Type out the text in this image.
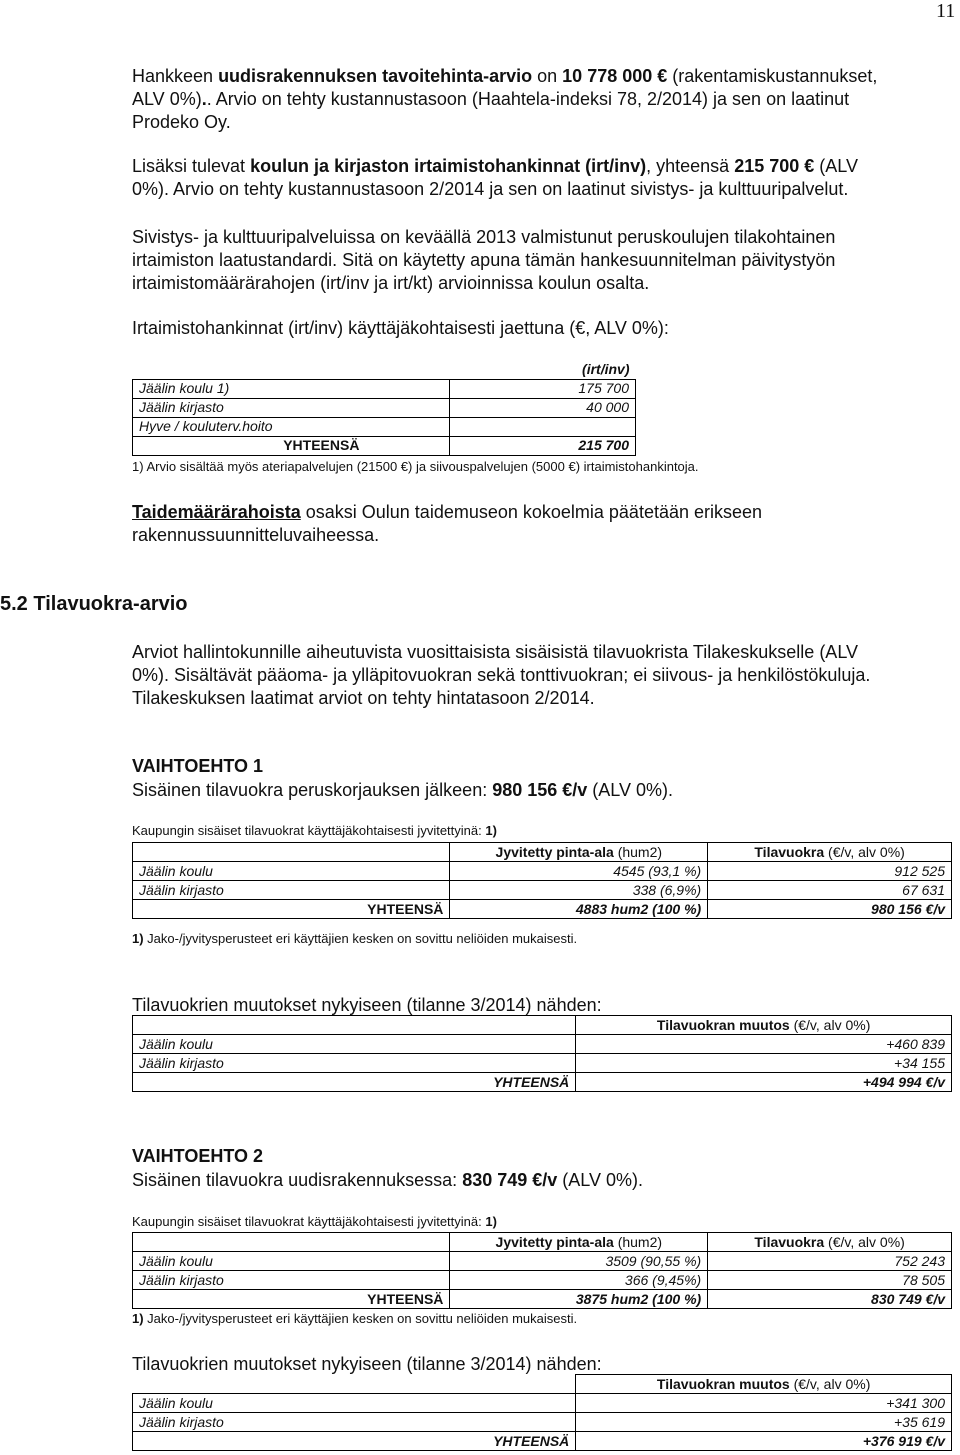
11
Hankkeen uudisrakennuksen tavoitehinta-arvio on 10 778 000 € (rakentamiskustannukset,
ALV 0%).. Arvio on tehty kustannustasoon (Haahtela-indeksi 78, 2/2014) ja sen on laatinut
Prodeko Oy.
Lisäksi tulevat koulun ja kirjaston irtaimistohankinnat (irt/inv), yhteensä 215 700 € (ALV
0%). Arvio on tehty kustannustasoon 2/2014 ja sen on laatinut sivistys- ja kulttuuripalvelut.
Sivistys- ja kulttuuripalveluissa on keväällä 2013 valmistunut peruskoulujen tilakohtainen
irtaimiston laatustandardi. Sitä on käytetty apuna tämän hankesuunnitelman päivitystyön
irtaimistomäärärahojen (irt/inv ja irt/kt) arvioinnissa koulun osalta.
Irtaimistohankinnat (irt/inv) käyttäjäkohtaisesti jaettuna (€, ALV 0%):
	(irt/inv)
Jäälin koulu 1)	175 700
Jäälin kirjasto	40 000
Hyve / kouluterv.hoito	
YHTEENSÄ	215 700
1) Arvio sisältää myös ateriapalvelujen (21500 €) ja siivouspalvelujen (5000 €) irtaimistohankintoja.
Taidemäärärahoista osaksi Oulun taidemuseon kokoelmia päätetään erikseen
rakennussuunnitteluvaiheessa.
5.2 Tilavuokra-arvio
Arviot hallintokunnille aiheutuvista vuosittaisista sisäisistä tilavuokrista Tilakeskukselle (ALV
0%). Sisältävät pääoma- ja ylläpitovuokran sekä tonttivuokran; ei siivous- ja henkilöstökuluja.
Tilakeskuksen laatimat arviot on tehty hintatasoon 2/2014.
VAIHTOEHTO 1
Sisäinen tilavuokra peruskorjauksen jälkeen: 980 156 €/v (ALV 0%).
Kaupungin sisäiset tilavuokrat käyttäjäkohtaisesti jyvitettyinä: 1)
	Jyvitetty pinta-ala (hum2)	Tilavuokra (€/v, alv 0%)
Jäälin koulu	4545 (93,1 %)	912 525
Jäälin kirjasto	338 (6,9%)	67 631
YHTEENSÄ	4883 hum2 (100 %)	980 156 €/v
1) Jako-/jyvitysperusteet eri käyttäjien kesken on sovittu neliöiden mukaisesti.
Tilavuokrien muutokset nykyiseen (tilanne 3/2014) nähden:
	Tilavuokran muutos (€/v, alv 0%)
Jäälin koulu	+460 839
Jäälin kirjasto	+34 155
YHTEENSÄ	+494 994 €/v
VAIHTOEHTO 2
Sisäinen tilavuokra uudisrakennuksessa: 830 749 €/v (ALV 0%).
Kaupungin sisäiset tilavuokrat käyttäjäkohtaisesti jyvitettyinä: 1)
	Jyvitetty pinta-ala (hum2)	Tilavuokra (€/v, alv 0%)
Jäälin koulu	3509 (90,55 %)	752 243
Jäälin kirjasto	366 (9,45%)	78 505
YHTEENSÄ	3875 hum2 (100 %)	830 749 €/v
1) Jako-/jyvitysperusteet eri käyttäjien kesken on sovittu neliöiden mukaisesti.
Tilavuokrien muutokset nykyiseen (tilanne 3/2014) nähden:
	Tilavuokran muutos (€/v, alv 0%)
Jäälin koulu	+341 300
Jäälin kirjasto	+35 619
YHTEENSÄ	+376 919 €/v
